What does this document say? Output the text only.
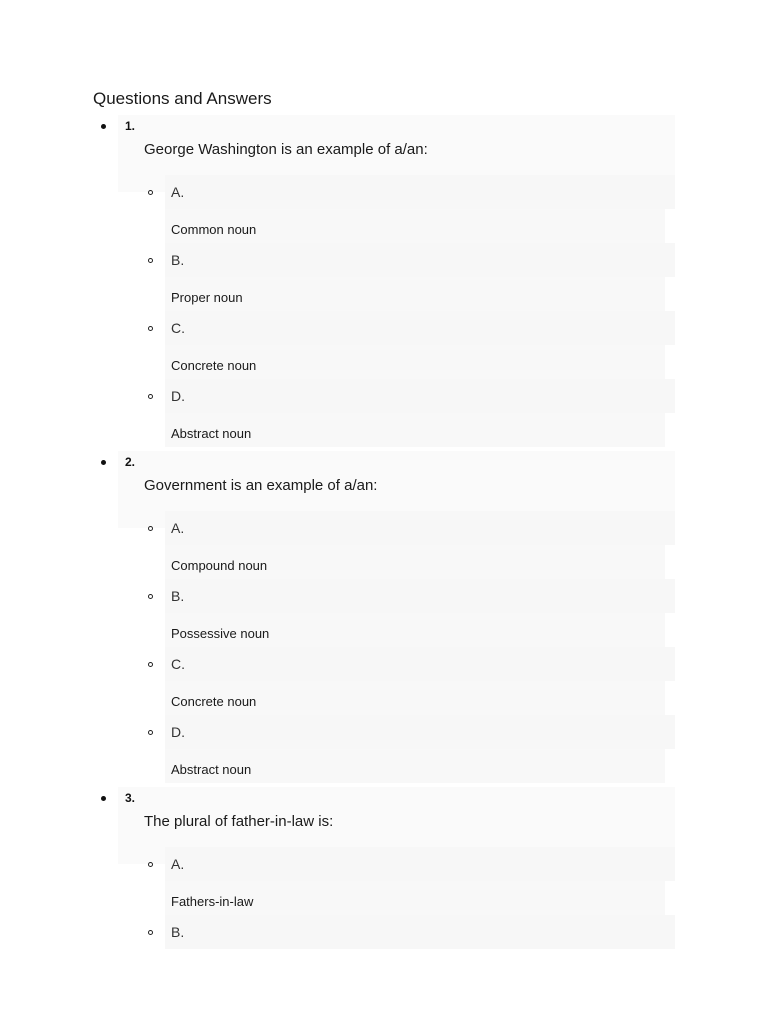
Questions and Answers
1.
George Washington is an example of a/an:
A.
Common noun
B.
Proper noun
C.
Concrete noun
D.
Abstract noun
2.
Government is an example of a/an:
A.
Compound noun
B.
Possessive noun
C.
Concrete noun
D.
Abstract noun
3.
The plural of father-in-law is:
A.
Fathers-in-law
B.
